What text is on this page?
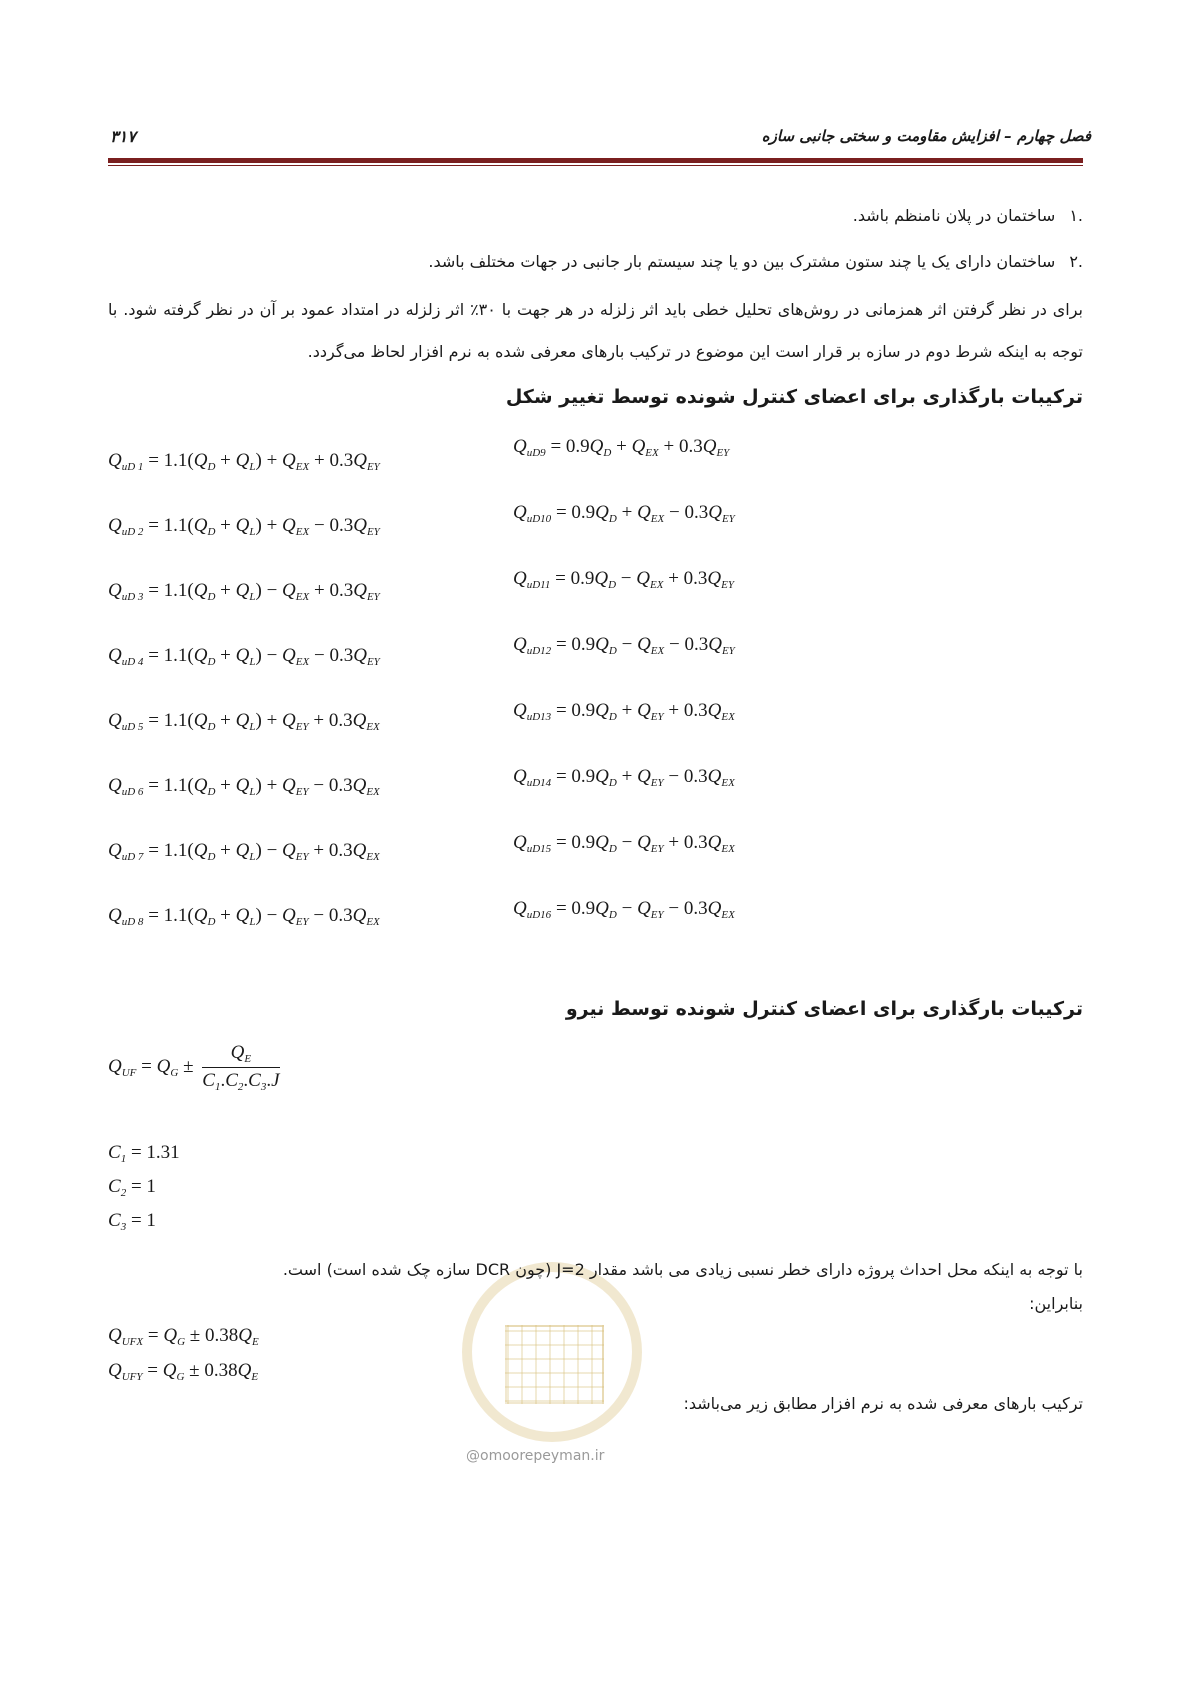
فصل چهارم – افزایش مقاومت و سختی جانبی سازه
۳۱۷
.۱
ساختمان در پلان نامنظم باشد.
.۲
ساختمان دارای یک یا چند ستون مشترک بین دو یا چند سیستم بار جانبی در جهات مختلف باشد.
برای در نظر گرفتن اثر همزمانی در روش‌های تحلیل خطی باید اثر زلزله در هر جهت با ۳۰٪ اثر زلزله در امتداد عمود بر آن در نظر گرفته شود. با توجه به اینکه شرط دوم در سازه بر قرار است این موضوع در ترکیب بارهای معرفی شده به نرم افزار لحاظ می‌گردد.
ترکیبات بارگذاری برای اعضای کنترل شونده توسط تغییر شکل
$Q_{uD 1} = 1.1(Q_D + Q_L) + Q_{EX} + 0.3Q_{EY}$
$Q_{uD 2} = 1.1(Q_D + Q_L) + Q_{EX} - 0.3Q_{EY}$
$Q_{uD 3} = 1.1(Q_D + Q_L) - Q_{EX} + 0.3Q_{EY}$
$Q_{uD 4} = 1.1(Q_D + Q_L) - Q_{EX} - 0.3Q_{EY}$
$Q_{uD 5} = 1.1(Q_D + Q_L) + Q_{EY} + 0.3Q_{EX}$
$Q_{uD 6} = 1.1(Q_D + Q_L) + Q_{EY} - 0.3Q_{EX}$
$Q_{uD 7} = 1.1(Q_D + Q_L) - Q_{EY} + 0.3Q_{EX}$
$Q_{uD 8} = 1.1(Q_D + Q_L) - Q_{EY} - 0.3Q_{EX}$
$Q_{uD9} = 0.9Q_D + Q_{EX} + 0.3Q_{EY}$
$Q_{uD10} = 0.9Q_D + Q_{EX} - 0.3Q_{EY}$
$Q_{uD11} = 0.9Q_D - Q_{EX} + 0.3Q_{EY}$
$Q_{uD12} = 0.9Q_D - Q_{EX} - 0.3Q_{EY}$
$Q_{uD13} = 0.9Q_D + Q_{EY} + 0.3Q_{EX}$
$Q_{uD14} = 0.9Q_D + Q_{EY} - 0.3Q_{EX}$
$Q_{uD15} = 0.9Q_D - Q_{EY} + 0.3Q_{EX}$
$Q_{uD16} = 0.9Q_D - Q_{EY} - 0.3Q_{EX}$
ترکیبات بارگذاری برای اعضای کنترل شونده توسط نیرو
$Q_{UF} = Q_G \pm \frac{Q_E}{C_1.C_2.C_3.J}$
$C_1 = 1.31$
$C_2 = 1$
$C_3 = 1$
با توجه به اینکه محل احداث پروژه دارای خطر نسبی زیادی می باشد مقدار J=2 (چون DCR سازه چک شده است) است.
بنابراین:
$Q_{UFX} = Q_G \pm 0.38Q_E$
$Q_{UFY} = Q_G \pm 0.38Q_E$
ترکیب بارهای معرفی شده به نرم افزار مطابق زیر می‌باشد:
@omoorepeyman.ir
